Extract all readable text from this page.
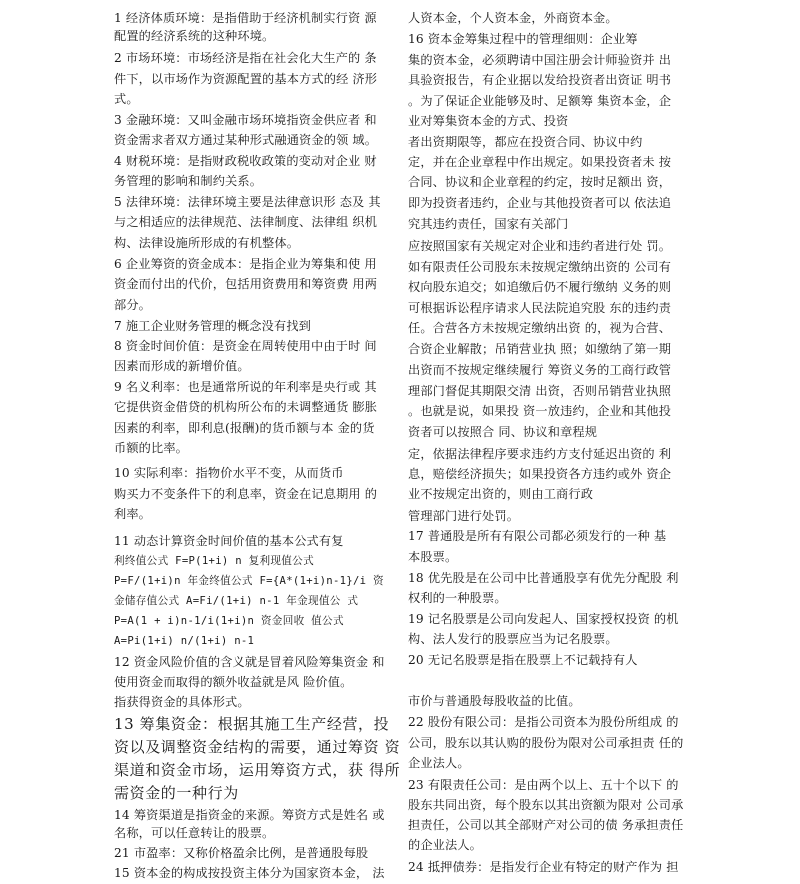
1 经济体质环境：是指借助于经济机制实行资 源
配置的经济系统的这种环境。
2 市场环境：市场经济是指在社会化大生产的 条
件下，以市场作为资源配置的基本方式的经 济形
式。
3 金融环境：又叫金融市场环境指资金供应者 和
资金需求者双方通过某种形式融通资金的领 域。
4 财税环境：是指财政税收政策的变动对企业 财
务管理的影响和制约关系。
5 法律环境：法律环境主要是法律意识形 态及 其
与之相适应的法律规范、法律制度、法律组 织机
构、法律设施所形成的有机整体。
6 企业筹资的资金成本：是指企业为筹集和使 用
资金而付出的代价，包括用资费用和筹资费 用两
部分。
7 施工企业财务管理的概念没有找到
8 资金时间价值：是资金在周转使用中由于时 间
因素而形成的新增价值。
9 名义利率：也是通常所说的年利率是央行或 其
它提供资金借贷的机构所公布的未调整通货 膨胀
因素的利率，即利息(报酬)的货币额与本 金的货
币额的比率。
10 实际利率：指物价水平不变，从而货币
购买力不变条件下的利息率，资金在记息期用 的
利率。
11 动态计算资金时间价值的基本公式有复
利终值公式 F=P(1+i) n 复利现值公式
P=F/(1+i)n 年金终值公式 F={A*(1+i)n-1}/i 资
金储存值公式 A=Fi/(1+i) n-1 年金现值公 式
P=A(1 + i)n-1/i(1+i)n 资金回收 值公式
A=Pi(1+i) n/(1+i) n-1
12 资金风险价值的含义就是冒着风险筹集资金 和
使用资金而取得的额外收益就是风 险价值。
指获得资金的具体形式。
13 筹集资金：根据其施工生产经营，投
资以及调整资金结构的需要，通过筹资 资
渠道和资金市场，运用筹资方式，获 得所
需资金的一种行为
14 筹资渠道是指资金的来源。筹资方式是姓名 或
名称，可以任意转让的股票。
21 市盈率：又称价格盈余比例，是普通股每股
15 资本金的构成按投资主体分为国家资本金， 法
人资本金，个人资本金，外商资本金。
16 资本金筹集过程中的管理细则：企业筹
集的资本金，必须聘请中国注册会计师验资并 出
具验资报告，有企业据以发给投资者出资证 明书
。为了保证企业能够及时、足额筹 集资本金，企
业对筹集资本金的方式、投资
者出资期限等，都应在投资合同、协议中约
定，并在企业章程中作出规定。如果投资者未 按
合同、协议和企业章程的约定，按时足额出 资，
即为投资者违约，企业与其他投资者可以 依法追
究其违约责任，国家有关部门
应按照国家有关规定对企业和违约者进行处 罚。
如有限责任公司股东未按规定缴纳出资的 公司有
权向股东追交；如追缴后仍不履行缴纳 义务的则
可根据诉讼程序请求人民法院追究股 东的违约责
任。合营各方未按规定缴纳出资 的，视为合营、
合资企业解散；吊销营业执 照；如缴纳了第一期
出资而不按规定继续履行 筹资义务的工商行政管
理部门督促其期限交清 出资，否则吊销营业执照
。也就是说，如果投 资一放违约，企业和其他投
资者可以按照合 同、协议和章程规
定，依据法律程序要求违约方支付延迟出资的 利
息，赔偿经济损失；如果投资各方违约或外 资企
业不按规定出资的，则由工商行政
管理部门进行处罚。
17 普通股是所有有限公司都必须发行的一种 基
本股票。
18 优先股是在公司中比普通股享有优先分配股 利
权利的一种股票。
19 记名股票是公司向发起人、国家授权投资 的机
构、法人发行的股票应当为记名股票。
20 无记名股票是指在股票上不记载持有人
市价与普通股每股收益的比值。
22 股份有限公司：是指公司资本为股份所组成 的
公司，股东以其认购的股份为限对公司承担责 任的
企业法人。
23 有限责任公司：是由两个以上、五十个以下 的
股东共同出资，每个股东以其出资额为限对 公司承
担责任，公司以其全部财产对公司的债 务承担责任
的企业法人。
24 抵押债券：是指发行企业有特定的财产作为 担
